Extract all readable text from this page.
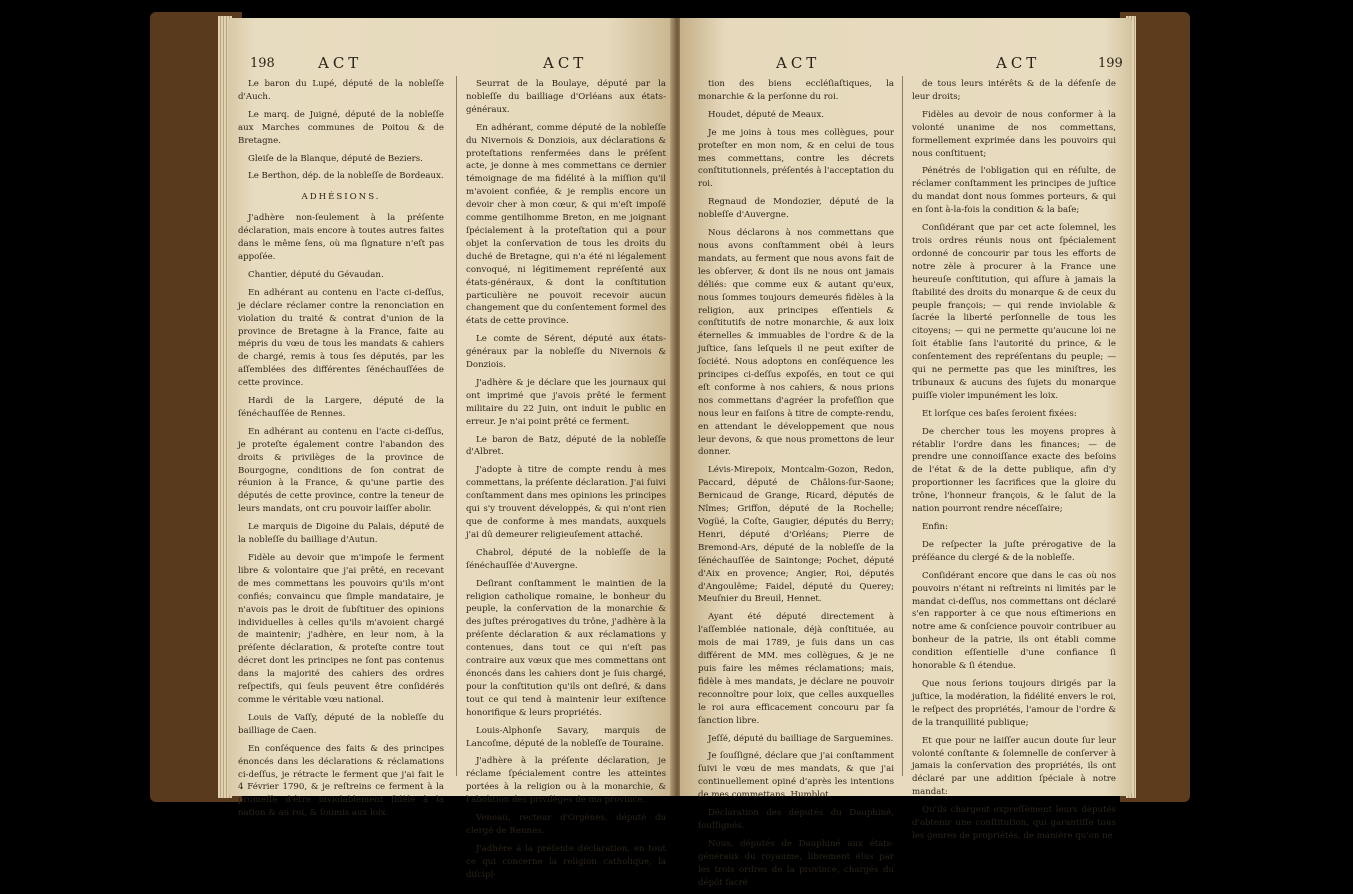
198	ACT	ACT

Le baron du Lupé, député de la nobleſſe d'Auch.

Le marq. de Juigné, député de la nobleſſe aux Marches communes de Poitou & de Bretagne.

Gleiſe de la Blanque, député de Beziers.

Le Berthon, dép. de la nobleſſe de Bordeaux.

ADHÉSIONS.

J'adhère non-ſeulement à la préſente déclaration, mais encore à toutes autres faites dans le même ſens, où ma ſignature n'eſt pas appoſée.

Chantier, député du Gévaudan.

En adhérant au contenu en l'acte ci-deſſus, je déclare réclamer contre la renonciation en violation du traité & contrat d'union de la province de Bretagne à la France, faite au mépris du vœu de tous les mandats & cahiers de chargé, remis à tous ſes députés, par les aſſemblées des différentes ſénéchauſſées de cette province.

Hardi de la Largere, député de la ſénéchauſſée de Rennes.

En adhérant au contenu en l'acte ci-deſſus, je proteſte également contre l'abandon des droits & privilèges de la province de Bourgogne, conditions de ſon contrat de réunion à la France, & qu'une partie des députés de cette province, contre la teneur de leurs mandats, ont cru pouvoir laiſſer abolir.

Le marquis de Digoine du Palais, député de la nobleſſe du bailliage d'Autun.

Fidèle au devoir que m'impoſe le ferment libre & volontaire que j'ai prêté, en recevant de mes commettans les pouvoirs qu'ils m'ont confiés; convaincu que ſimple mandataire, je n'avois pas le droit de ſubſtituer des opinions individuelles à celles qu'ils m'avoient chargé de maintenir; j'adhère, en leur nom, à la préſente déclaration, & proteſte contre tout décret dont les principes ne ſont pas contenus dans la majorité des cahiers des ordres reſpectifs, qui ſeuls peuvent être conſidérés comme le véritable vœu national.

Louis de Vaſſy, député de la nobleſſe du bailliage de Caen.

En conſéquence des faits & des principes énoncés dans les déclarations & réclamations ci-deſſus, je rétracte le ferment que j'ai fait le 4 Février 1790, & je reſtreins ce ferment à la promeſſe d'être inviolablement fidèle à la nation & au roi, & ſoumis aux loix.

Seurrat de la Boulaye, député par la nobleſſe du bailliage d'Orléans aux états-généraux.

En adhérant, comme député de la nobleſſe du Nivernois & Donziois, aux déclarations & proteſtations renfermées dans le préſent acte, je donne à mes commettans ce dernier témoignage de ma fidélité à la miſſion qu'il m'avoient confiée, & je remplis encore un devoir cher à mon cœur, & qui m'eſt impoſé comme gentilhomme Breton, en me joignant ſpécialement à la proteſtation qui a pour objet la conſervation de tous les droits du duché de Bretagne, qui n'a été ni légalement convoqué, ni légitimement repréſenté aux états-généraux, & dont la conſtitution particulière ne pouvoit recevoir aucun changement que du conſentement formel des états de cette province.

Le comte de Sérent, député aux états-généraux par la nobleſſe du Nivernois & Donziois.

J'adhère & je déclare que les journaux qui ont imprimé que j'avois prêté le ferment militaire du 22 Juin, ont induit le public en erreur. Je n'ai point prêté ce ferment.

Le baron de Batz, député de la nobleſſe d'Albret.

J'adopte à titre de compte rendu à mes commettans, la préſente déclaration. J'ai ſuivi conſtamment dans mes opinions les principes qui s'y trouvent développés, & qui n'ont rien que de conforme à mes mandats, auxquels j'ai dû demeurer religieuſement attaché.

Chabrol, député de la nobleſſe de la ſénéchauſſée d'Auvergne.

Deſirant conſtamment le maintien de la religion catholique romaine, le bonheur du peuple, la conſervation de la monarchie & des juſtes prérogatives du trône, j'adhère à la préſente déclaration & aux réclamations y contenues, dans tout ce qui n'eſt pas contraire aux vœux que mes commettans ont énoncés dans les cahiers dont je ſuis chargé, pour la conſtitution qu'ils ont deſiré, & dans tout ce qui tend à maintenir leur exiſtence honorifique & leurs propriétés.

Louis-Alphonſe Savary, marquis de Lancoſme, député de la nobleſſe de Touraine.

J'adhère à la préſente déclaration, je réclame ſpécialement contre les atteintes portées à la religion ou à la monarchie, & l'abolition des privilèges de ma province.

Veneau, recteur d'Orgènes, député du clergé de Rennes.

J'adhère à la préſente déclaration, en tout ce qui concerne la religion catholique, la diſcipl-

ACT	ACT	199

tion des biens eccléſiaſtiques, la monarchie & la perſonne du roi.

Houdet, député de Meaux.

Je me joins à tous mes collègues, pour proteſter en mon nom, & en celui de tous mes commettans, contre les décrets conſtitutionnels, préſentés à l'acceptation du roi.

Regnaud de Mondozier, député de la nobleſſe d'Auvergne.

Nous déclarons à nos commettans que nous avons conſtamment obéi à leurs mandats, au ferment que nous avons fait de les obſerver, & dont ils ne nous ont jamais déliés: que comme eux & autant qu'eux, nous ſommes toujours demeurés fidèles à la religion, aux principes eſſentiels & conſtitutifs de notre monarchie, & aux loix éternelles & immuables de l'ordre & de la juſtice, ſans leſquels il ne peut exiſter de ſociété. Nous adoptons en conſéquence les principes ci-deſſus expoſés, en tout ce qui eſt conforme à nos cahiers, & nous prions nos commettans d'agréer la profeſſion que nous leur en faiſons à titre de compte-rendu, en attendant le développement que nous leur devons, & que nous promettons de leur donner.

Lévis-Mirepoix, Montcalm-Gozon, Redon, Paccard, député de Châlons-ſur-Saone; Bernicaud de Grange, Ricard, députés de Nîmes; Griffon, député de la Rochelle; Vogüé, la Coſte, Gaugier, députés du Berry; Henri, député d'Orléans; Pierre de Bremond-Ars, député de la nobleſſe de la ſénéchauſſée de Saintonge; Pochet, député d'Aix en provence; Angier, Roi, députés d'Angoulême; Faidel, député du Querey; Meuſnier du Breuil, Hennet.

Ayant été député directement à l'aſſemblée nationale, déjà conſtituée, au mois de mai 1789, je ſuis dans un cas différent de MM. mes collègues, & je ne puis faire les mêmes réclamations; mais, fidèle à mes mandats, je déclare ne pouvoir reconnoître pour loix, que celles auxquelles le roi aura efficacement concouru par ſa ſanction libre.

Jeſſé, député du bailliage de Sarguemines.

Je ſouſſigné, déclare que j'ai conſtamment ſuivi le vœu de mes mandats, & que j'ai continuellement opiné d'après les intentions de mes commettans. Humblot.

Déclaration des députés du Dauphiné, ſouſſignés.

Nous, députés de Dauphiné aux états-généraux du royaume, librement élus par les trois ordres de la province, chargés du dépôt ſacré

de tous leurs intérêts & de la défenſe de leur droits;

Fidèles au devoir de nous conformer à la volonté unanime de nos commettans, formellement exprimée dans les pouvoirs qui nous conſtituent;

Pénétrés de l'obligation qui en réſulte, de réclamer conſtamment les principes de juſtice du mandat dont nous ſommes porteurs, & qui en ſont à-la-fois la condition & la baſe;

Conſidérant que par cet acte ſolemnel, les trois ordres réunis nous ont ſpécialement ordonné de concourir par tous les efforts de notre zèle à procurer à la France une heureuſe conſtitution, qui aſſure à jamais la ſtabilité des droits du monarque & de ceux du peuple françois; — qui rende inviolable & ſacrée la liberté perſonnelle de tous les citoyens; — qui ne permette qu'aucune loi ne ſoit établie ſans l'autorité du prince, & le conſentement des repréſentans du peuple; — qui ne permette pas que les miniſtres, les tribunaux & aucuns des ſujets du monarque puiſſe violer impunément les loix.

Et lorſque ces baſes ſeroient fixées:

De chercher tous les moyens propres à rétablir l'ordre dans les finances; — de prendre une connoiſſance exacte des beſoins de l'état & de la dette publique, afin d'y proportionner les ſacrifices que la gloire du trône, l'honneur françois, & le ſalut de la nation pourront rendre néceſſaire;

Enfin:

De reſpecter la juſte prérogative de la préſéance du clergé & de la nobleſſe.

Conſidérant encore que dans le cas où nos pouvoirs n'étant ni reſtreints ni limités par le mandat ci-deſſus, nos commettans ont déclaré s'en rapporter à ce que nous eſtimerions en notre ame & conſcience pouvoir contribuer au bonheur de la patrie, ils ont établi comme condition eſſentielle d'une confiance ſi honorable & ſi étendue.

Que nous ſerions toujours dirigés par la juſtice, la modération, la fidélité envers le roi, le reſpect des propriétés, l'amour de l'ordre & de la tranquillité publique;

Et que pour ne laiſſer aucun doute ſur leur volonté conſtante & ſolemnelle de conſerver à jamais la conſervation des propriétés, ils ont déclaré par une addition ſpéciale à notre mandat:

Qu'ils chargent expreſſément leurs députés d'obtenir une conſtitution, qui garantiſſe tous les genres de propriétés, de manière qu'on ne
